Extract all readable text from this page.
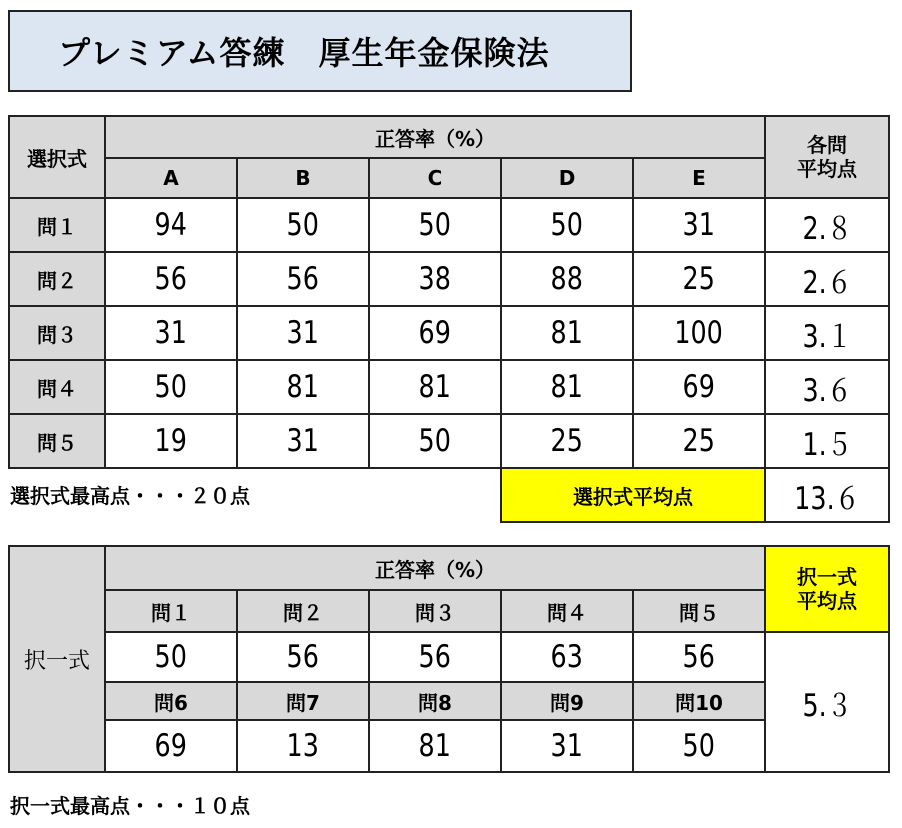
プレミアム答練　厚生年金保険法
選択式	正答率（%）					各問
平均点

	A	B	C	D	E	
問１	94	50	50	50	31	2.８
問２	56	56	38	88	25	2.６
問３	31	31	69	81	100	3.１
問４	50	81	81	81	69	3.６
問５	19	31	50	25	25	1.５
				選択式平均点		13.６
選択式最高点・・・２０点
択一式	正答率（%）					択一式
平均点

	問１	問２	問３	問４	問５	
	50	56	56	63	56	5.３
	問6	問7	問8	問9	問10	
	69	13	81	31	50	
択一式最高点・・・１０点
